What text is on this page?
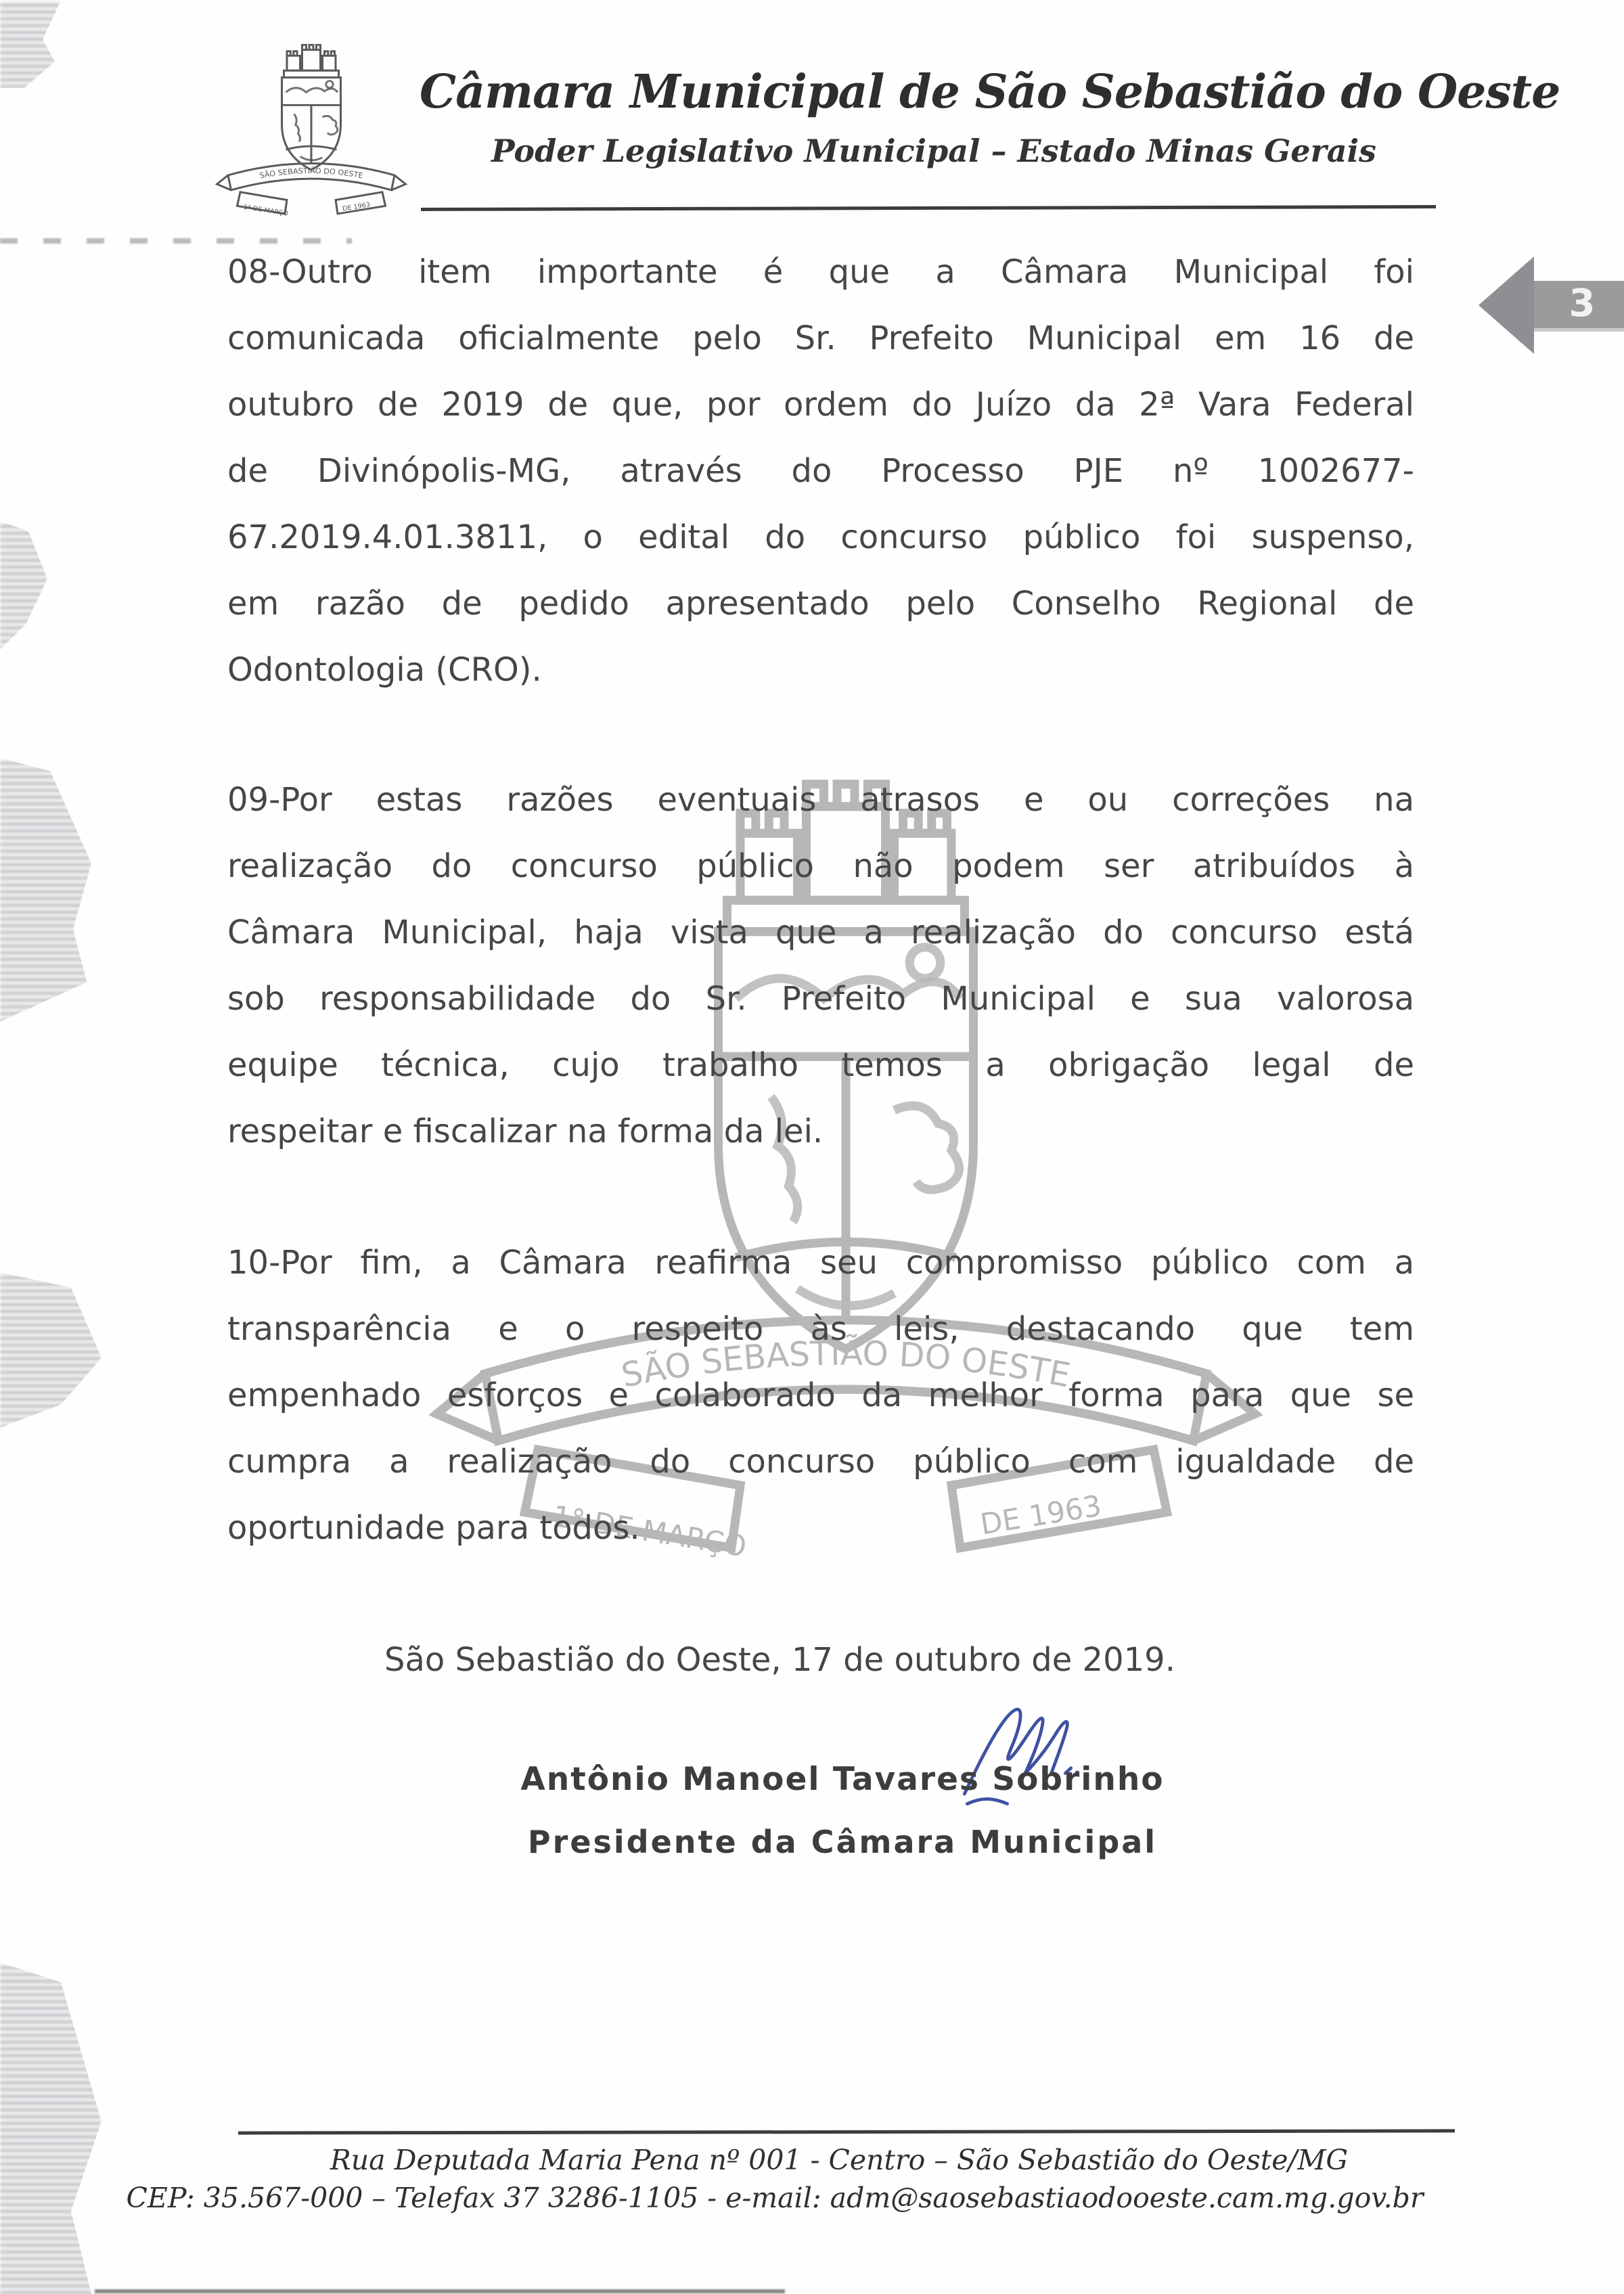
Câmara Municipal de São Sebastião do Oeste
Poder Legislativo Municipal – Estado Minas Gerais
3
08-Outro item importante é que a Câmara Municipal foi
comunicada oficialmente pelo Sr. Prefeito Municipal em 16 de
outubro de 2019 de que, por ordem do Juízo da 2ª Vara Federal
de Divinópolis-MG, através do Processo PJE nº 1002677-
67.2019.4.01.3811, o edital do concurso público foi suspenso,
em razão de pedido apresentado pelo Conselho Regional de
Odontologia (CRO).
09-Por estas razões eventuais atrasos e ou correções na
realização do concurso público não podem ser atribuídos à
Câmara Municipal, haja vista que a realização do concurso está
sob responsabilidade do Sr. Prefeito Municipal e sua valorosa
equipe técnica, cujo trabalho temos a obrigação legal de
respeitar e fiscalizar na forma da lei.
10-Por fim, a Câmara reafirma seu compromisso público com a
transparência e o respeito às leis, destacando que tem
empenhado esforços e colaborado da melhor forma para que se
cumpra a realização do concurso público com igualdade de
oportunidade para todos.
São Sebastião do Oeste, 17 de outubro de 2019.
Antônio Manoel Tavares Sobrinho
Presidente da Câmara Municipal
Rua Deputada Maria Pena nº 001 - Centro – São Sebastião do Oeste/MG
CEP: 35.567-000 – Telefax 37 3286-1105 - e-mail: adm@saosebastiaodooeste.cam.mg.gov.br
